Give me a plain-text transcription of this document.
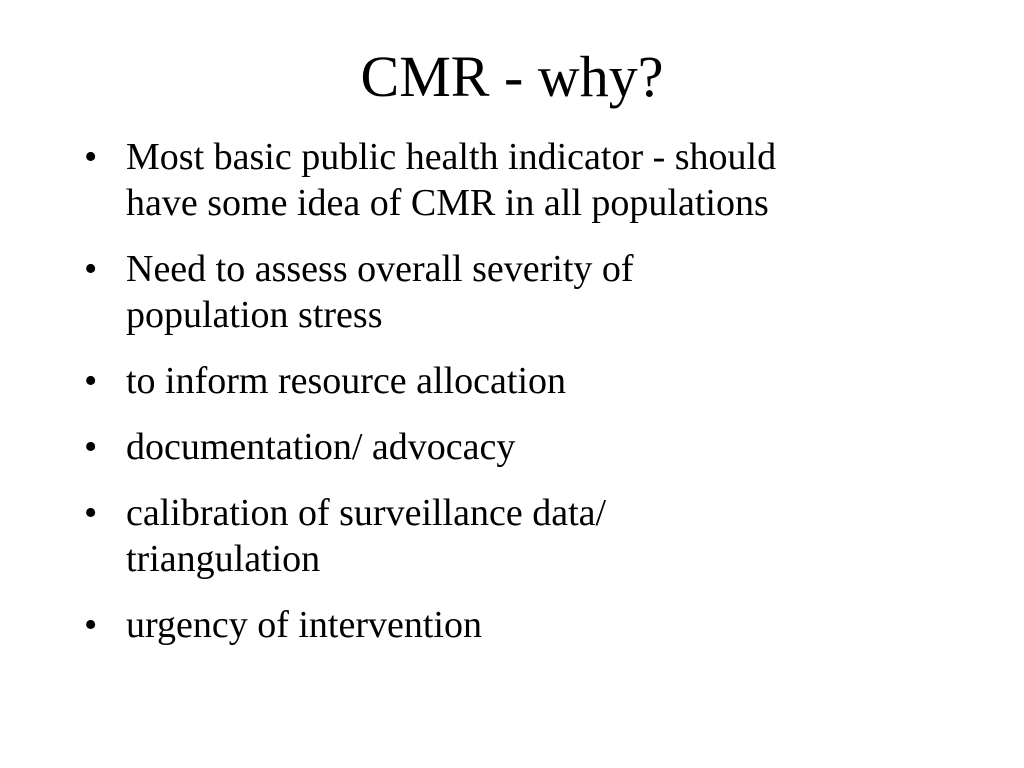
CMR - why?
• Most basic public health indicator - should
have some idea of CMR in all populations
• Need to assess overall severity of
population stress
• to inform resource allocation
• documentation/ advocacy
• calibration of surveillance data/
triangulation
• urgency of intervention
